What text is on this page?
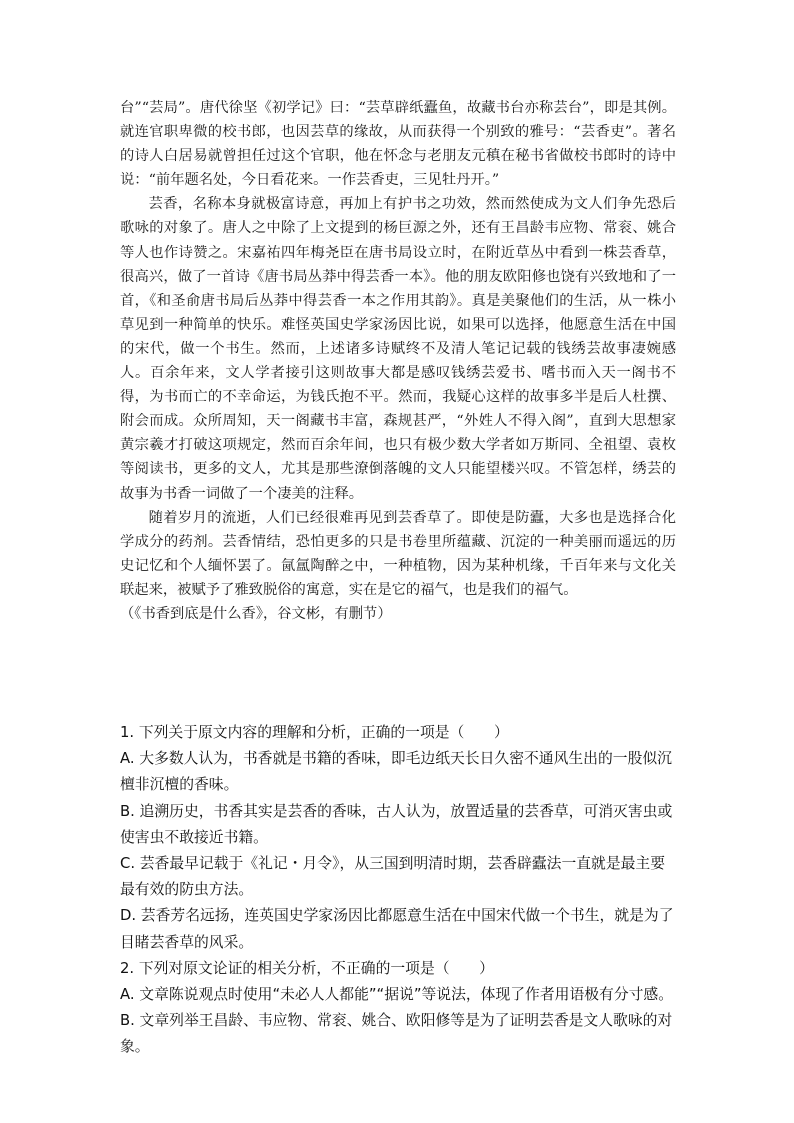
台”“芸局”。唐代徐坚《初学记》曰：“芸草辟纸蠹鱼，故藏书台亦称芸台”，即是其例。就连官职卑微的校书郎，也因芸草的缘故，从而获得一个别致的雅号：“芸香吏”。著名的诗人白居易就曾担任过这个官职，他在怀念与老朋友元稹在秘书省做校书郎时的诗中说：“前年题名处，今日看花来。一作芸香吏，三见牡丹开。”

芸香，名称本身就极富诗意，再加上有护书之功效，然而然使成为文人们争先恐后歌咏的对象了。唐人之中除了上文提到的杨巨源之外，还有王昌龄韦应物、常衮、姚合等人也作诗赞之。宋嘉祐四年梅尧臣在唐书局设立时，在附近草丛中看到一株芸香草，很高兴，做了一首诗《唐书局丛莽中得芸香一本》。他的朋友欧阳修也饶有兴致地和了一首，《和圣俞唐书局后丛莽中得芸香一本之作用其韵》。真是美聚他们的生活，从一株小草见到一种简单的快乐。难怪英国史学家汤因比说，如果可以选择，他愿意生活在中国的宋代，做一个书生。然而，上述诸多诗赋终不及清人笔记记载的钱绣芸故事凄婉感人。百余年来，文人学者接引这则故事大都是感叹钱绣芸爱书、嗜书而入天一阁书不得，为书而亡的不幸命运，为钱氏抱不平。然而，我疑心这样的故事多半是后人杜撰、附会而成。众所周知，天一阁藏书丰富，森规甚严，“外姓人不得入阁”，直到大思想家黄宗羲才打破这项规定，然而百余年间，也只有极少数大学者如万斯同、全祖望、袁枚等阅读书，更多的文人，尤其是那些潦倒落魄的文人只能望楼兴叹。不管怎样，绣芸的故事为书香一词做了一个凄美的注释。

随着岁月的流逝，人们已经很难再见到芸香草了。即使是防蠹，大多也是选择合化学成分的药剂。芸香情结，恐怕更多的只是书卷里所蕴藏、沉淀的一种美丽而遥远的历史记忆和个人缅怀罢了。氤氲陶醉之中，一种植物，因为某种机缘，千百年来与文化关联起来，被赋予了雅致脱俗的寓意，实在是它的福气，也是我们的福气。

（《书香到底是什么香》，谷文彬，有删节）

1. 下列关于原文内容的理解和分析，正确的一项是（　　）

A. 大多数人认为，书香就是书籍的香味，即毛边纸天长日久密不通风生出的一股似沉檀非沉檀的香味。

B. 追溯历史，书香其实是芸香的香味，古人认为，放置适量的芸香草，可消灭害虫或使害虫不敢接近书籍。

C. 芸香最早记载于《礼记・月令》，从三国到明清时期，芸香辟蠹法一直就是最主要最有效的防虫方法。

D. 芸香芳名远扬，连英国史学家汤因比都愿意生活在中国宋代做一个书生，就是为了目睹芸香草的风采。

2. 下列对原文论证的相关分析，不正确的一项是（　　）

A. 文章陈说观点时使用“未必人人都能”“据说”等说法，体现了作者用语极有分寸感。

B. 文章列举王昌龄、韦应物、常衮、姚合、欧阳修等是为了证明芸香是文人歌咏的对象。
